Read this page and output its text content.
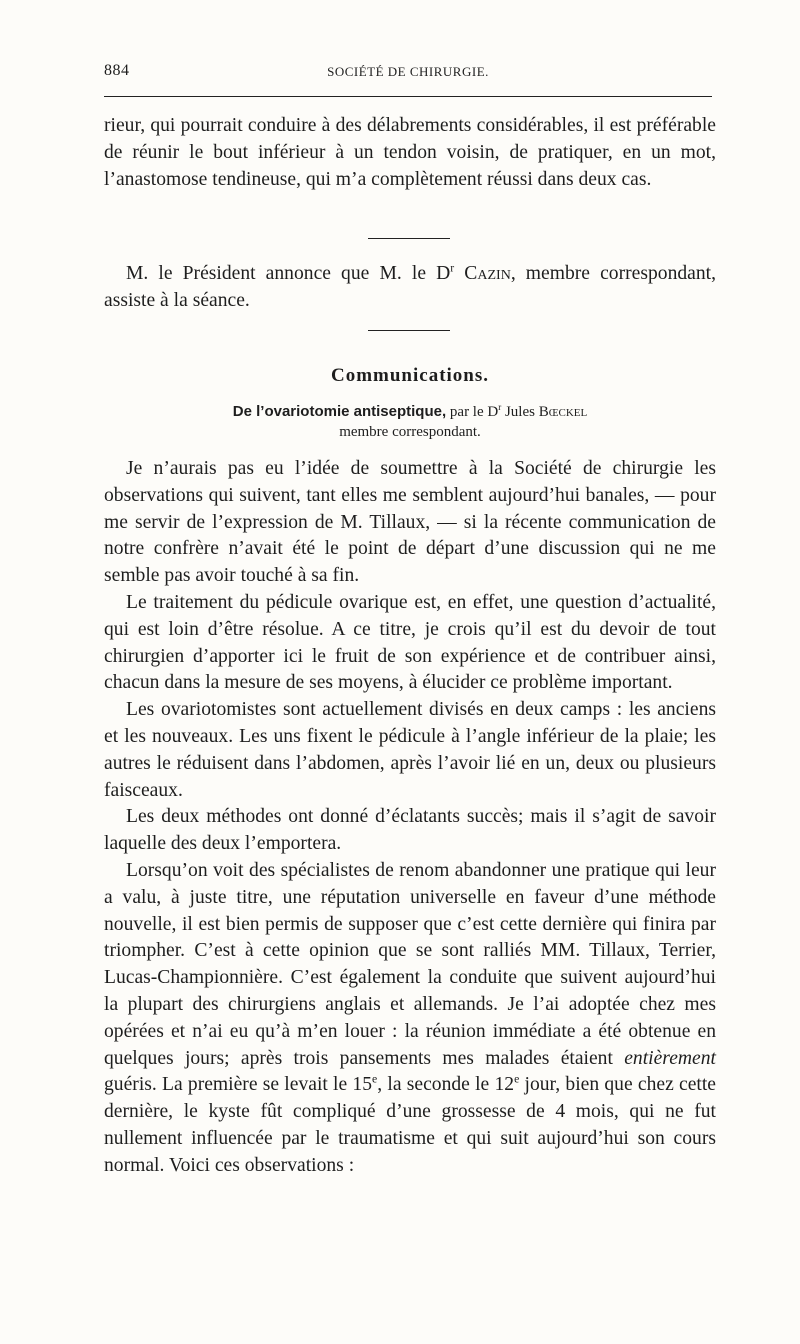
884	SOCIÉTÉ DE CHIRURGIE.

rieur, qui pourrait conduire à des délabrements considérables, il est préférable de réunir le bout inférieur à un tendon voisin, de pratiquer, en un mot, l’anastomose tendineuse, qui m’a complètement réussi dans deux cas.

M. le Président annonce que M. le $D^r$ Cazin, membre correspondant, assiste à la séance.

Communications.
De l’ovariotomie antiseptique, par le $D^r$ Jules Bœckel
membre correspondant.

Je n’aurais pas eu l’idée de soumettre à la Société de chirurgie les observations qui suivent, tant elles me semblent aujourd’hui banales, — pour me servir de l’expression de M. Tillaux, — si la récente communication de notre confrère n’avait été le point de départ d’une discussion qui ne me semble pas avoir touché à sa fin.

Le traitement du pédicule ovarique est, en effet, une question d’actualité, qui est loin d’être résolue. A ce titre, je crois qu’il est du devoir de tout chirurgien d’apporter ici le fruit de son expérience et de contribuer ainsi, chacun dans la mesure de ses moyens, à élucider ce problème important.

Les ovariotomistes sont actuellement divisés en deux camps : les anciens et les nouveaux. Les uns fixent le pédicule à l’angle inférieur de la plaie; les autres le réduisent dans l’abdomen, après l’avoir lié en un, deux ou plusieurs faisceaux.

Les deux méthodes ont donné d’éclatants succès; mais il s’agit de savoir laquelle des deux l’emportera.

Lorsqu’on voit des spécialistes de renom abandonner une pratique qui leur a valu, à juste titre, une réputation universelle en faveur d’une méthode nouvelle, il est bien permis de supposer que c’est cette dernière qui finira par triompher. C’est à cette opinion que se sont ralliés MM. Tillaux, Terrier, Lucas-Championnière. C’est également la conduite que suivent aujourd’hui la plupart des chirurgiens anglais et allemands. Je l’ai adoptée chez mes opérées et n’ai eu qu’à m’en louer : la réunion immédiate a été obtenue en quelques jours; après trois pansements mes malades étaient entièrement guéris. La première se levait le 15e, la seconde le 12e jour, bien que chez cette dernière, le kyste fût compliqué d’une grossesse de 4 mois, qui ne fut nullement influencée par le traumatisme et qui suit aujourd’hui son cours normal. Voici ces observations :
